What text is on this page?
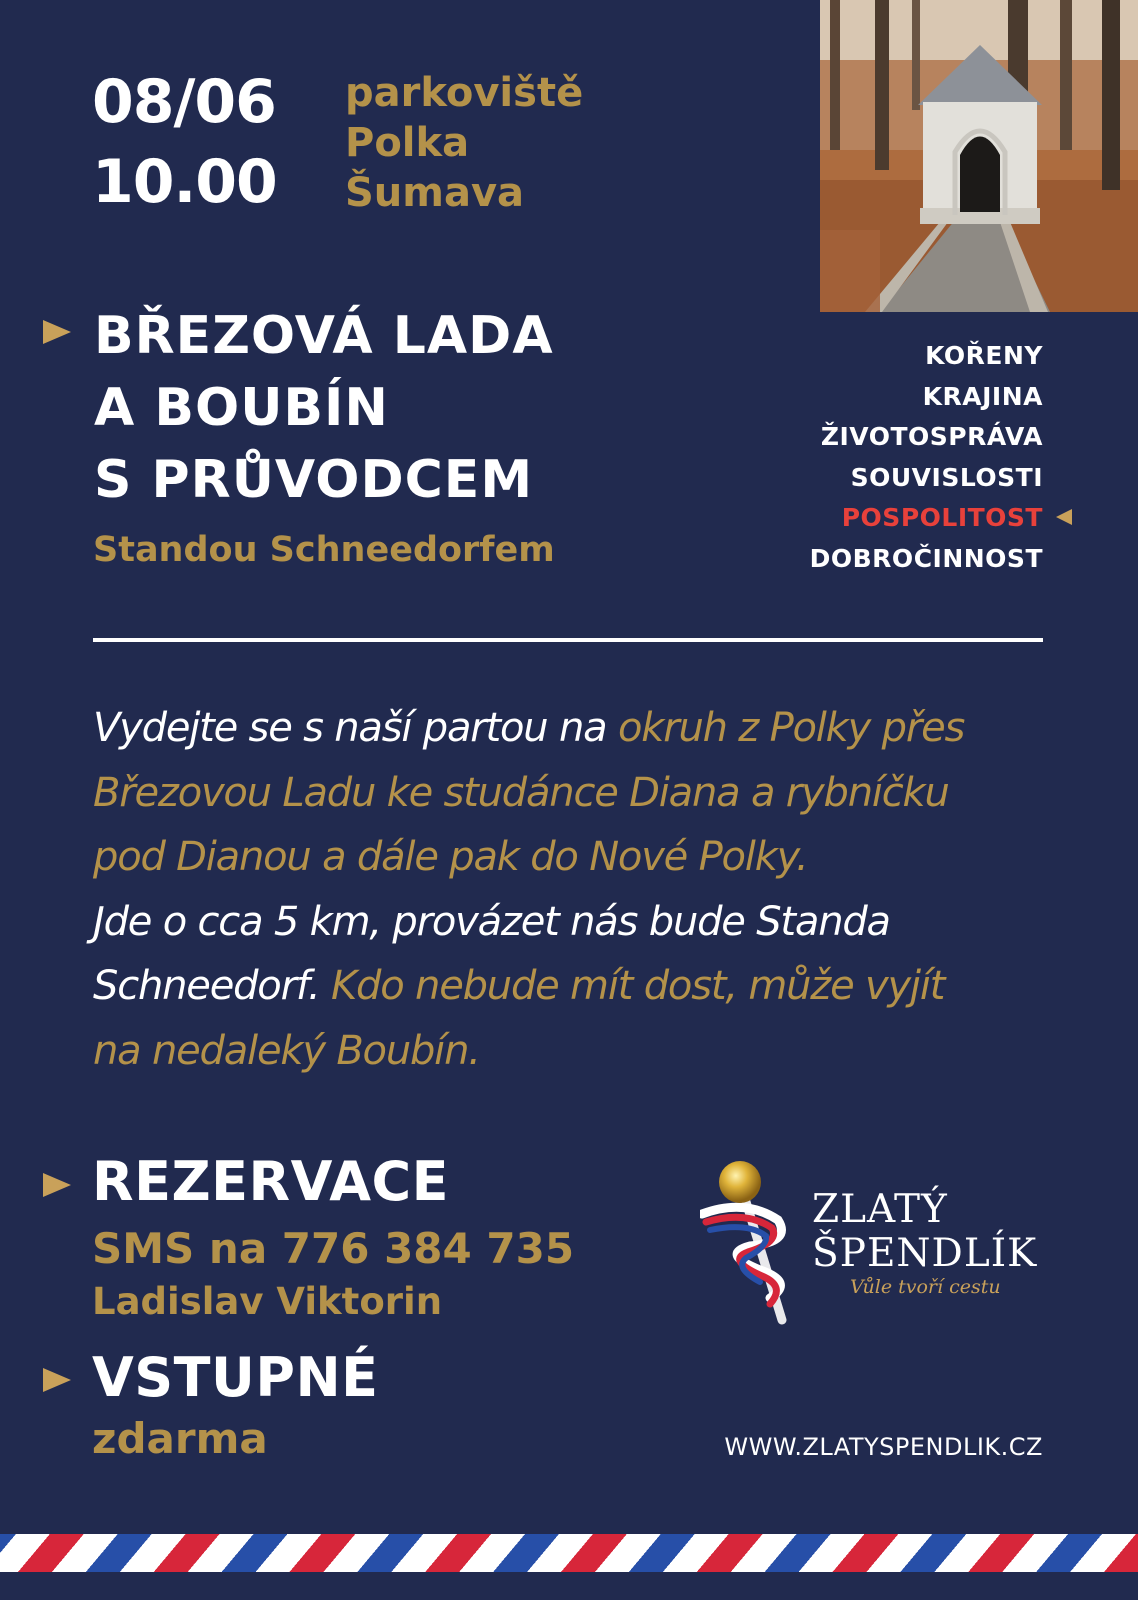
08/06
10.00
parkoviště
Polka
Šumava
BŘEZOVÁ LADA
A BOUBÍN
S PRŮVODCEM
Standou Schneedorfem
KOŘENY
KRAJINA
ŽIVOTOSPRÁVA
SOUVISLOSTI
POSPOLITOST
DOBROČINNOST
Vydejte se s naší partou na okruh z Polky přes
Březovou Ladu ke studánce Diana a rybníčku
pod Dianou a dále pak do Nové Polky.
Jde o cca 5 km, provázet nás bude Standa
Schneedorf. Kdo nebude mít dost, může vyjít
na nedaleký Boubín.
REZERVACE
SMS na 776 384 735
Ladislav Viktorin
VSTUPNÉ
zdarma
ZLATÝ
ŠPENDLÍK
Vůle tvoří cestu
WWW.ZLATYSPENDLIK.CZ
